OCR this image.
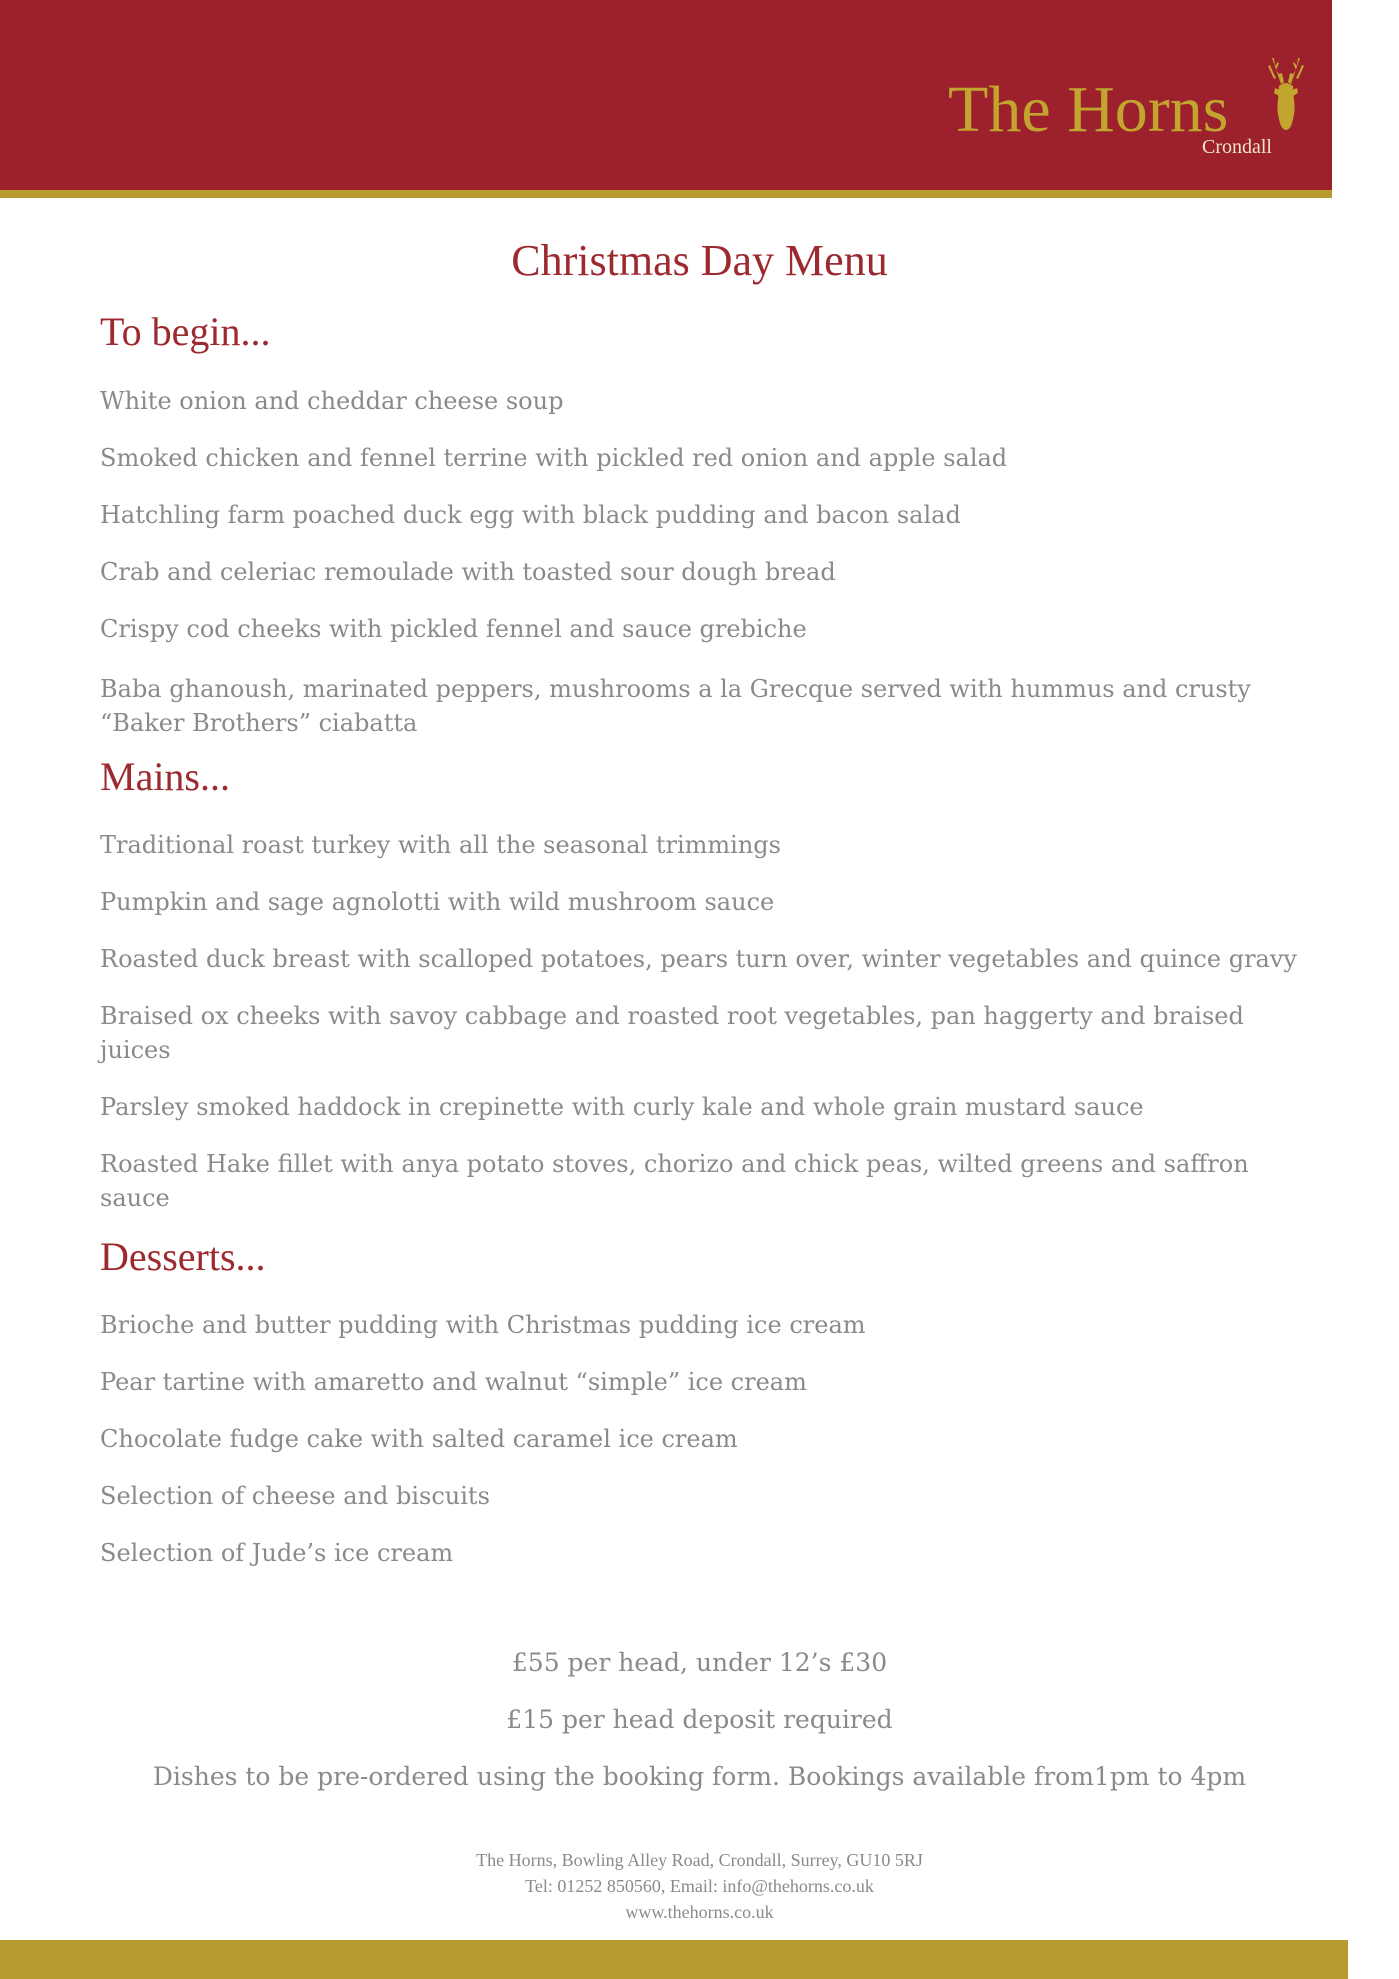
The Horns
Crondall
Christmas Day Menu
To begin...
White onion and cheddar cheese soup
Smoked chicken and fennel terrine with pickled red onion and apple salad
Hatchling farm poached duck egg with black pudding and bacon salad
Crab and celeriac remoulade with toasted sour dough bread
Crispy cod cheeks with pickled fennel and sauce grebiche
Baba ghanoush, marinated peppers, mushrooms a la Grecque served with hummus and crusty “Baker Brothers” ciabatta
Mains...
Traditional roast turkey with all the seasonal trimmings
Pumpkin and sage agnolotti with wild mushroom sauce
Roasted duck breast with scalloped potatoes, pears turn over, winter vegetables and quince gravy
Braised ox cheeks with savoy cabbage and roasted root vegetables, pan haggerty and braised juices
Parsley smoked haddock in crepinette with curly kale and whole grain mustard sauce
Roasted Hake fillet with anya potato stoves, chorizo and chick peas, wilted greens and saffron sauce
Desserts...
Brioche and butter pudding with Christmas pudding ice cream
Pear tartine with amaretto and walnut “simple” ice cream
Chocolate fudge cake with salted caramel ice cream
Selection of cheese and biscuits
Selection of Jude’s ice cream
£55 per head, under 12’s £30
£15 per head deposit required
Dishes to be pre-ordered using the booking form. Bookings available from1pm to 4pm
The Horns, Bowling Alley Road, Crondall, Surrey, GU10 5RJ
Tel: 01252 850560, Email: info@thehorns.co.uk
www.thehorns.co.uk
